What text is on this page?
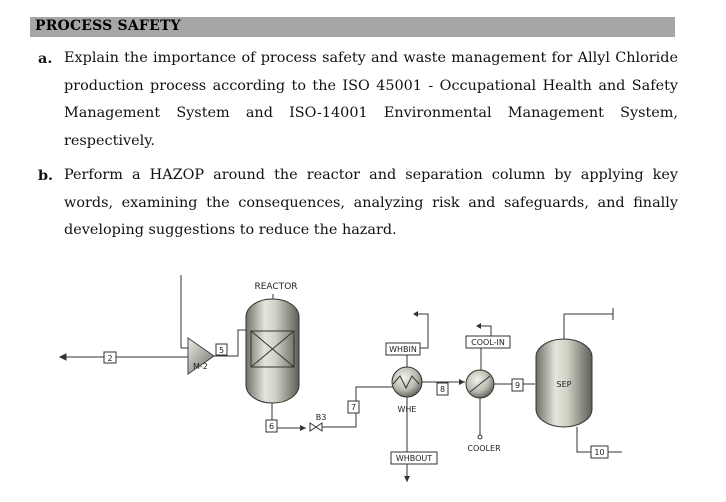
PROCESS SAFETY
a. Explain the importance of process safety and waste management for Allyl Chloride production process according to the ISO 45001 - Occupational Health and Safety Management System and ISO-14001 Environmental Management System, respectively.
b. Perform a HAZOP around the reactor and separation column by applying key words, examining the consequences, analyzing risk and safeguards, and finally developing suggestions to reduce the hazard.
2
M-2
5
REACTOR
6
B3
7
WHBIN
WHE
WHBOUT
8
COOL-IN
COOLER
9	SEP
10
